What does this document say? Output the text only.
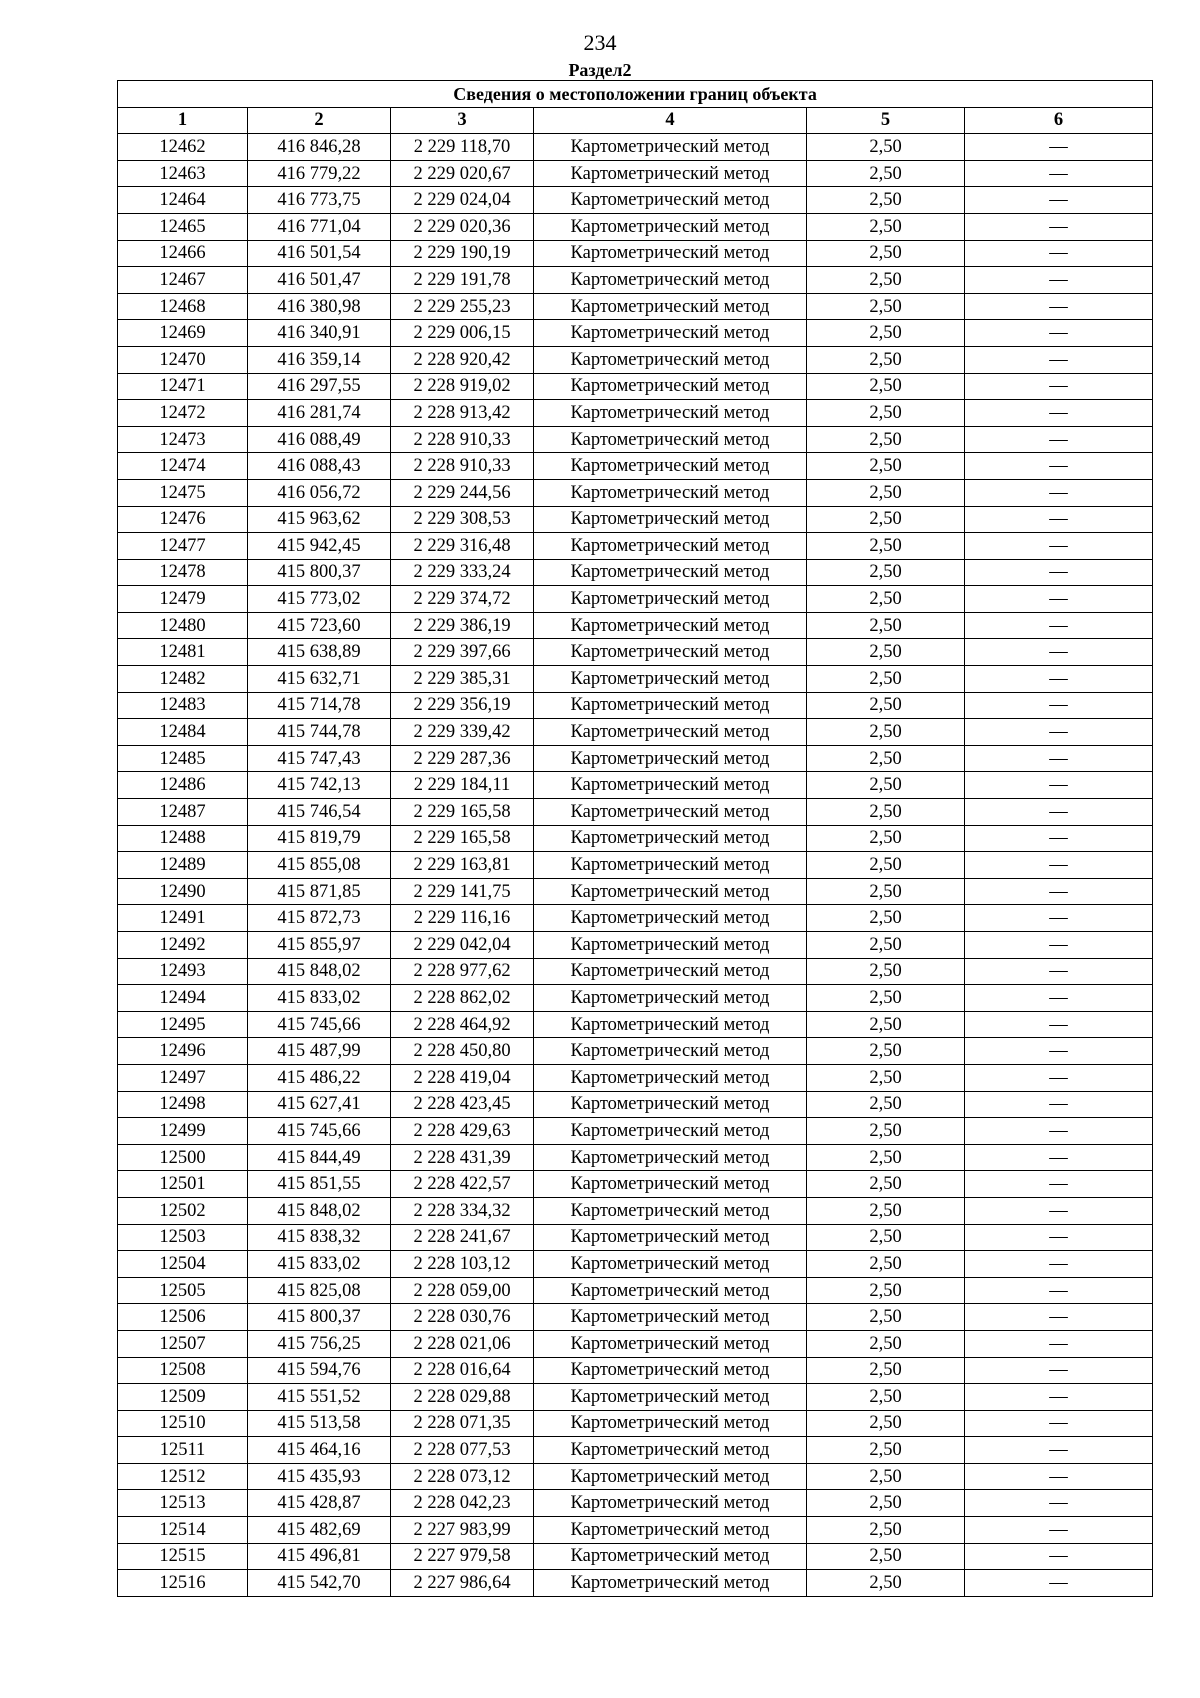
234
Раздел2
Сведения о местоположении границ объекта					
1	2	3	4	5	6
12462	416 846,28	2 229 118,70	Картометрический метод	2,50	—
12463	416 779,22	2 229 020,67	Картометрический метод	2,50	—
12464	416 773,75	2 229 024,04	Картометрический метод	2,50	—
12465	416 771,04	2 229 020,36	Картометрический метод	2,50	—
12466	416 501,54	2 229 190,19	Картометрический метод	2,50	—
12467	416 501,47	2 229 191,78	Картометрический метод	2,50	—
12468	416 380,98	2 229 255,23	Картометрический метод	2,50	—
12469	416 340,91	2 229 006,15	Картометрический метод	2,50	—
12470	416 359,14	2 228 920,42	Картометрический метод	2,50	—
12471	416 297,55	2 228 919,02	Картометрический метод	2,50	—
12472	416 281,74	2 228 913,42	Картометрический метод	2,50	—
12473	416 088,49	2 228 910,33	Картометрический метод	2,50	—
12474	416 088,43	2 228 910,33	Картометрический метод	2,50	—
12475	416 056,72	2 229 244,56	Картометрический метод	2,50	—
12476	415 963,62	2 229 308,53	Картометрический метод	2,50	—
12477	415 942,45	2 229 316,48	Картометрический метод	2,50	—
12478	415 800,37	2 229 333,24	Картометрический метод	2,50	—
12479	415 773,02	2 229 374,72	Картометрический метод	2,50	—
12480	415 723,60	2 229 386,19	Картометрический метод	2,50	—
12481	415 638,89	2 229 397,66	Картометрический метод	2,50	—
12482	415 632,71	2 229 385,31	Картометрический метод	2,50	—
12483	415 714,78	2 229 356,19	Картометрический метод	2,50	—
12484	415 744,78	2 229 339,42	Картометрический метод	2,50	—
12485	415 747,43	2 229 287,36	Картометрический метод	2,50	—
12486	415 742,13	2 229 184,11	Картометрический метод	2,50	—
12487	415 746,54	2 229 165,58	Картометрический метод	2,50	—
12488	415 819,79	2 229 165,58	Картометрический метод	2,50	—
12489	415 855,08	2 229 163,81	Картометрический метод	2,50	—
12490	415 871,85	2 229 141,75	Картометрический метод	2,50	—
12491	415 872,73	2 229 116,16	Картометрический метод	2,50	—
12492	415 855,97	2 229 042,04	Картометрический метод	2,50	—
12493	415 848,02	2 228 977,62	Картометрический метод	2,50	—
12494	415 833,02	2 228 862,02	Картометрический метод	2,50	—
12495	415 745,66	2 228 464,92	Картометрический метод	2,50	—
12496	415 487,99	2 228 450,80	Картометрический метод	2,50	—
12497	415 486,22	2 228 419,04	Картометрический метод	2,50	—
12498	415 627,41	2 228 423,45	Картометрический метод	2,50	—
12499	415 745,66	2 228 429,63	Картометрический метод	2,50	—
12500	415 844,49	2 228 431,39	Картометрический метод	2,50	—
12501	415 851,55	2 228 422,57	Картометрический метод	2,50	—
12502	415 848,02	2 228 334,32	Картометрический метод	2,50	—
12503	415 838,32	2 228 241,67	Картометрический метод	2,50	—
12504	415 833,02	2 228 103,12	Картометрический метод	2,50	—
12505	415 825,08	2 228 059,00	Картометрический метод	2,50	—
12506	415 800,37	2 228 030,76	Картометрический метод	2,50	—
12507	415 756,25	2 228 021,06	Картометрический метод	2,50	—
12508	415 594,76	2 228 016,64	Картометрический метод	2,50	—
12509	415 551,52	2 228 029,88	Картометрический метод	2,50	—
12510	415 513,58	2 228 071,35	Картометрический метод	2,50	—
12511	415 464,16	2 228 077,53	Картометрический метод	2,50	—
12512	415 435,93	2 228 073,12	Картометрический метод	2,50	—
12513	415 428,87	2 228 042,23	Картометрический метод	2,50	—
12514	415 482,69	2 227 983,99	Картометрический метод	2,50	—
12515	415 496,81	2 227 979,58	Картометрический метод	2,50	—
12516	415 542,70	2 227 986,64	Картометрический метод	2,50	—
